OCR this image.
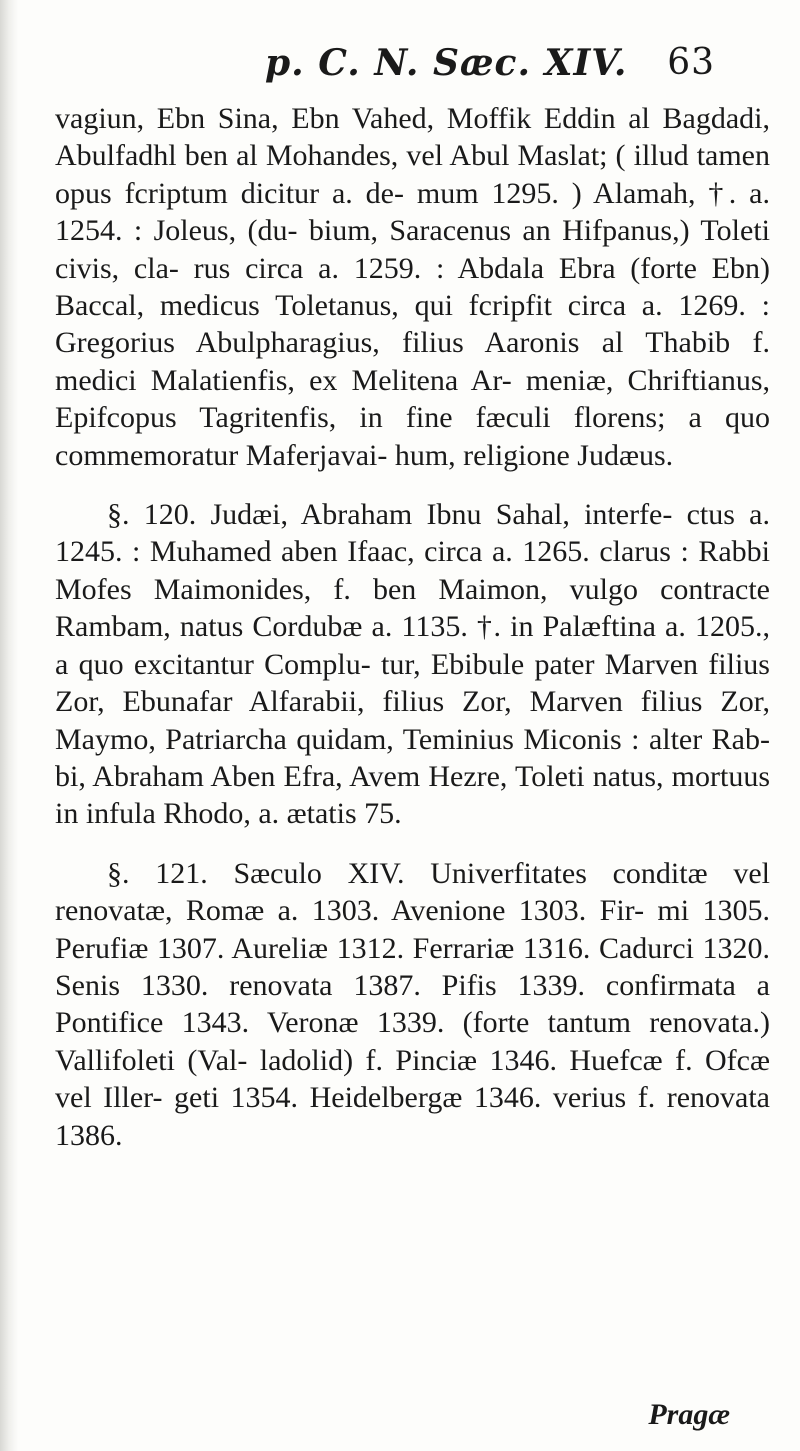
p. C. N. Sæc. XIV. 63

vagiun, Ebn Sina, Ebn Vahed, Moffik Eddin al Bagdadi, Abulfadhl ben al Mohandes, vel Abul Maslat; ( illud tamen opus fcriptum dicitur a. de- mum 1295. ) Alamah, †. a. 1254. : Joleus, (du- bium, Saracenus an Hifpanus,) Toleti civis, cla- rus circa a. 1259. : Abdala Ebra (forte Ebn) Baccal, medicus Toletanus, qui fcripfit circa a. 1269. : Gregorius Abulpharagius, filius Aaronis al Thabib f. medici Malatienfis, ex Melitena Ar- meniæ, Chriftianus, Epifcopus Tagritenfis, in fine fæculi florens; a quo commemoratur Maferjavai- hum, religione Judæus.

§. 120. Judæi, Abraham Ibnu Sahal, interfe- ctus a. 1245. : Muhamed aben Ifaac, circa a. 1265. clarus : Rabbi Mofes Maimonides, f. ben Maimon, vulgo contracte Rambam, natus Cordubæ a. 1135. †. in Palæftina a. 1205., a quo excitantur Complu- tur, Ebibule pater Marven filius Zor, Ebunafar Alfarabii, filius Zor, Marven filius Zor, Maymo, Patriarcha quidam, Teminius Miconis : alter Rab- bi, Abraham Aben Efra, Avem Hezre, Toleti natus, mortuus in infula Rhodo, a. ætatis 75.

§. 121. Sæculo XIV. Univerfitates conditæ vel renovatæ, Romæ a. 1303. Avenione 1303. Fir- mi 1305. Perufiæ 1307. Aureliæ 1312. Ferrariæ 1316. Cadurci 1320. Senis 1330. renovata 1387. Pifis 1339. confirmata a Pontifice 1343. Veronæ 1339. (forte tantum renovata.) Vallifoleti (Val- ladolid) f. Pinciæ 1346. Huefcæ f. Ofcæ vel Iller- geti 1354. Heidelbergæ 1346. verius f. renovata 1386.

Pragæ
